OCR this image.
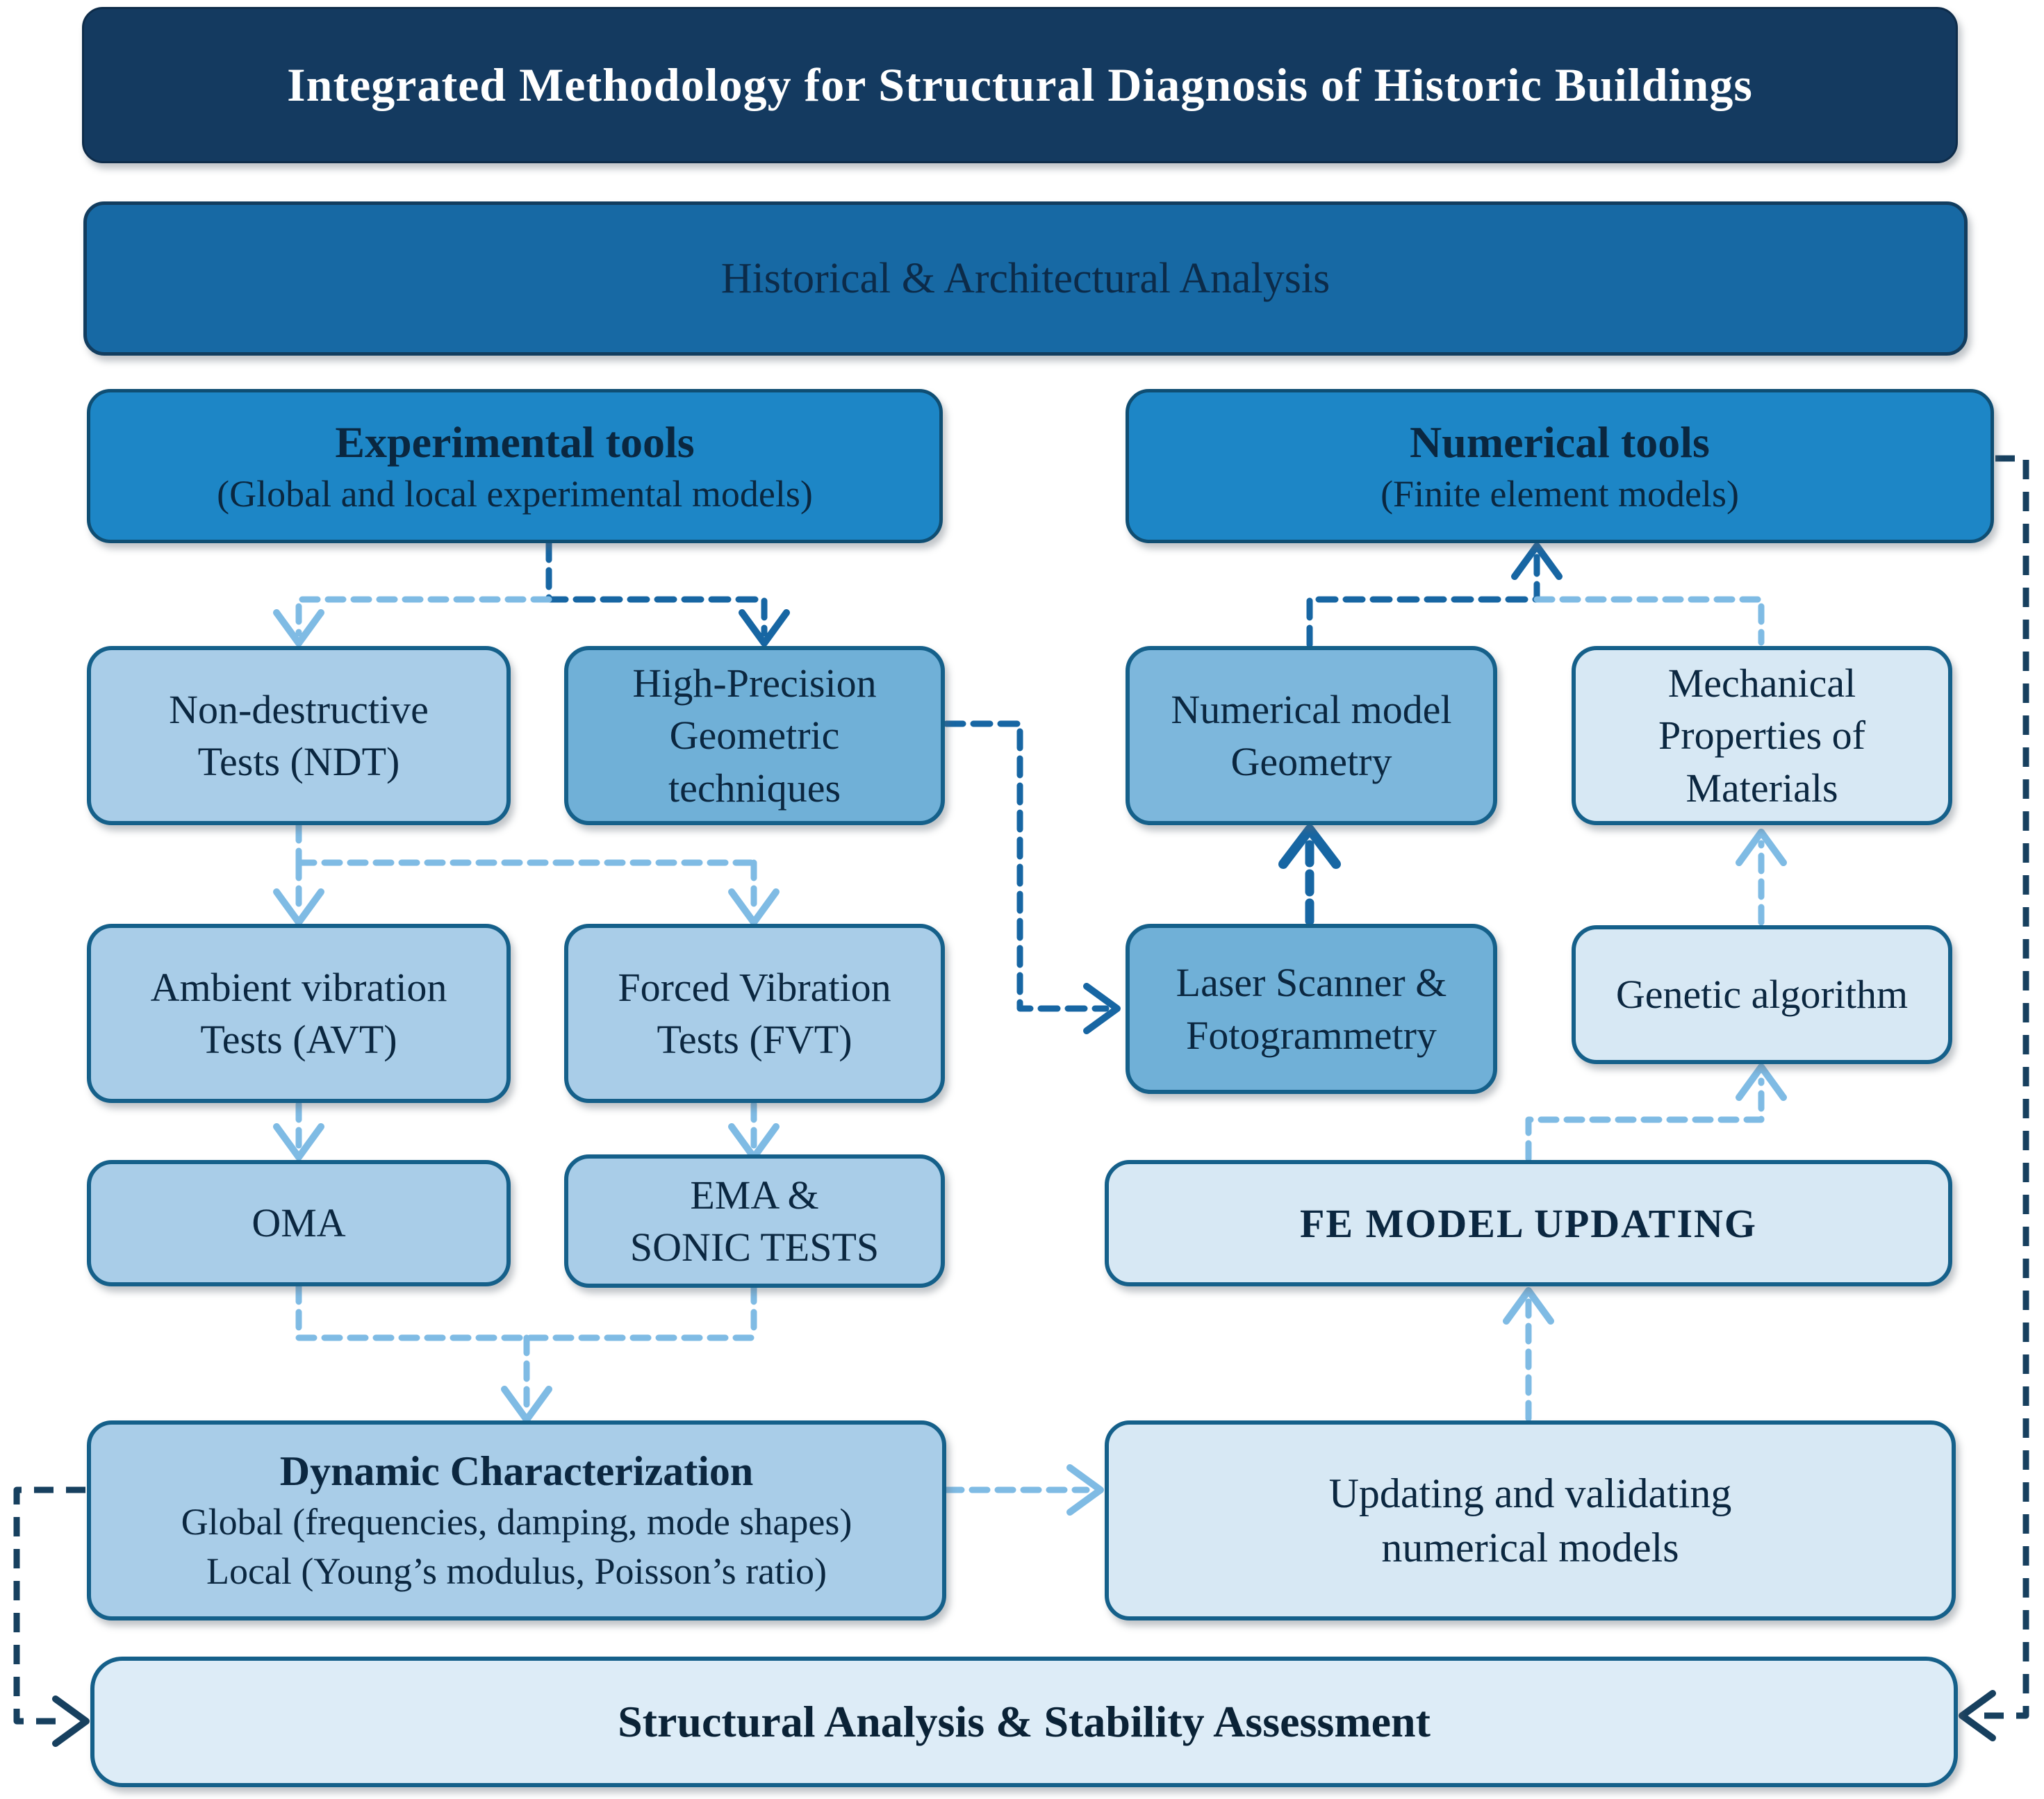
Integrated Methodology for Structural Diagnosis of Historic Buildings
Historical & Architectural Analysis
Experimental tools
(Global and local experimental models)
Numerical tools
(Finite element models)
Non-destructive Tests (NDT)
High-Precision Geometric techniques
Numerical model Geometry
Mechanical Properties of Materials
Ambient vibration Tests (AVT)
Forced Vibration Tests (FVT)
Laser Scanner & Fotogrammetry
Genetic algorithm
OMA
EMA &
SONIC TESTS
FE MODEL UPDATING
Dynamic Characterization
Global (frequencies, damping, mode shapes)
Local (Young’s modulus, Poisson’s ratio)
Updating and validating numerical models
Structural Analysis & Stability Assessment
